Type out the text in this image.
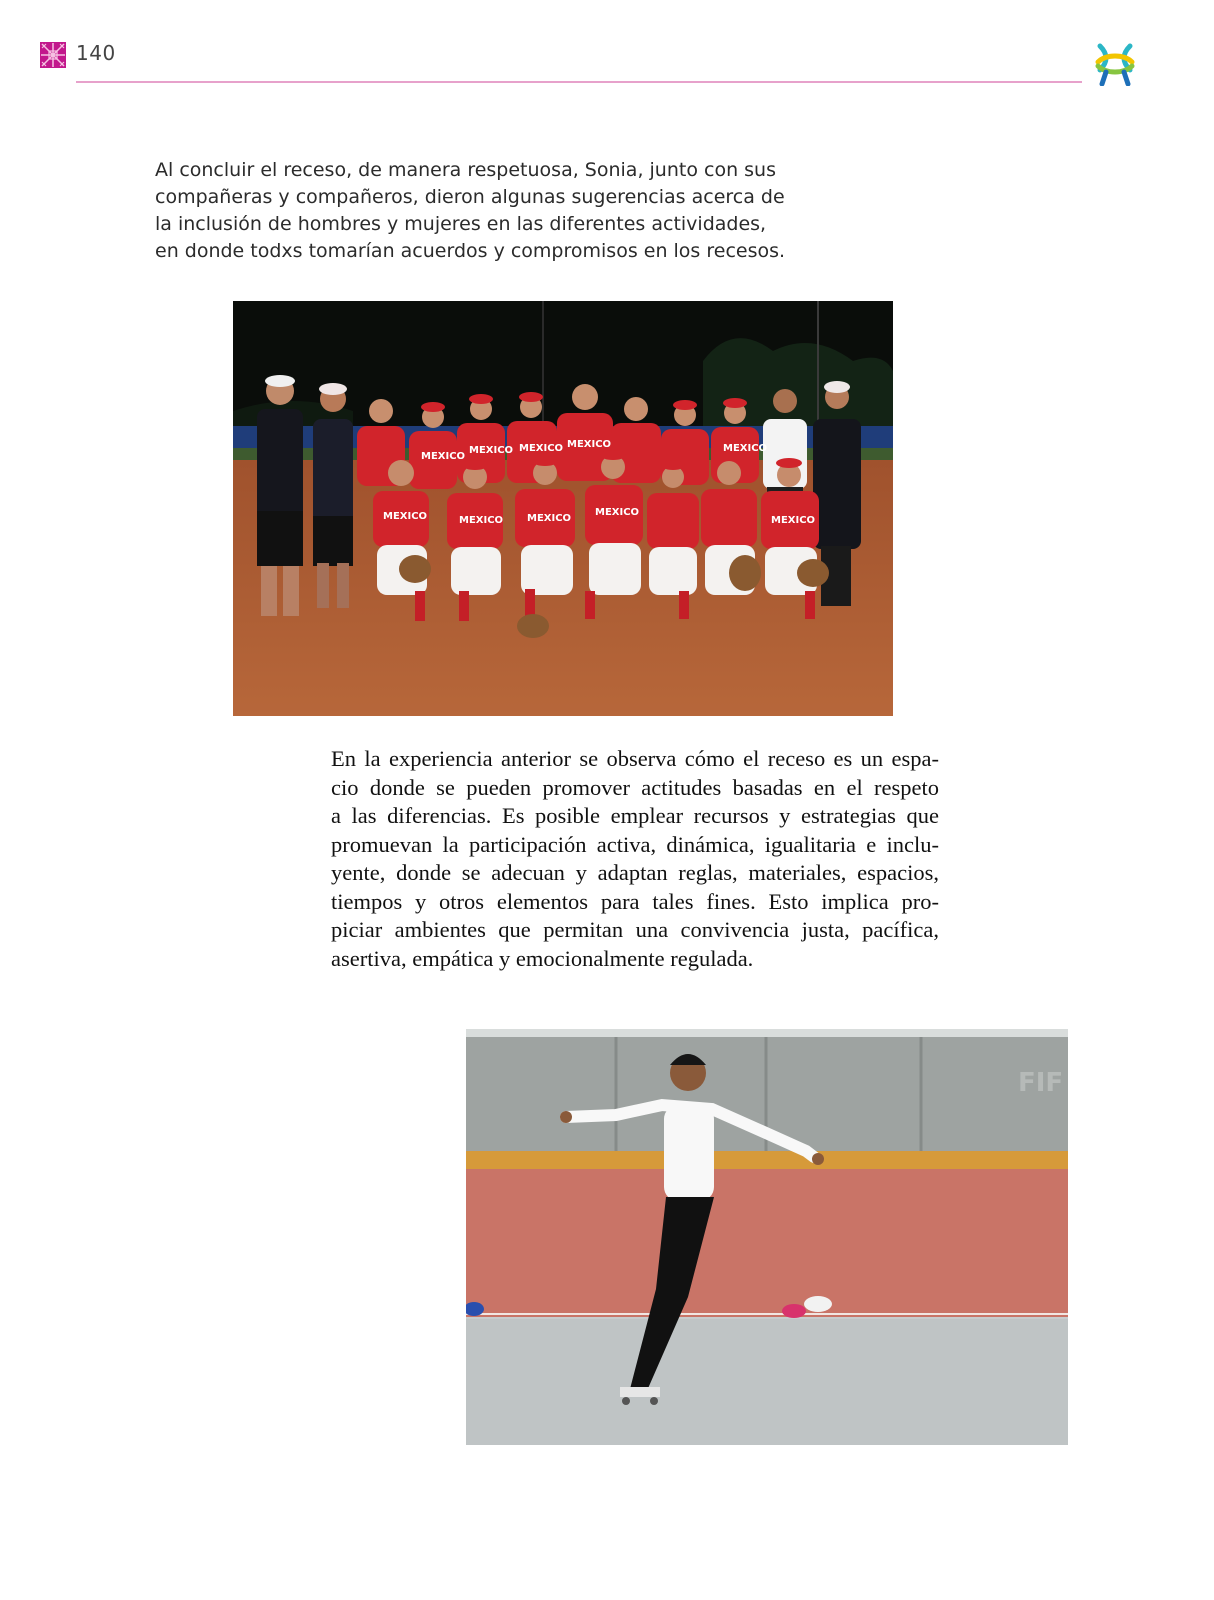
140
Al concluir el receso, de manera respetuosa, Sonia, junto con sus
compañeras y compañeros, dieron algunas sugerencias acerca de
la inclusión de hombres y mujeres en las diferentes actividades,
en donde todxs tomarían acuerdos y compromisos en los recesos.
MEXICO	MEXICO MEXICO
MEXICO
MEXICO
MEXICO
MEXICO
MEXICO
MEXICO
MEXICO
En la experiencia anterior se observa cómo el receso es un espa-
cio donde se pueden promover actitudes basadas en el respeto
a las diferencias. Es posible emplear recursos y estrategias que
promuevan la participación activa, dinámica, igualitaria e inclu-
yente, donde se adecuan y adaptan reglas, materiales, espacios,
tiempos y otros elementos para tales fines. Esto implica pro-
piciar ambientes que permitan una convivencia justa, pacífica,
asertiva, empática y emocionalmente regulada.
FIF
